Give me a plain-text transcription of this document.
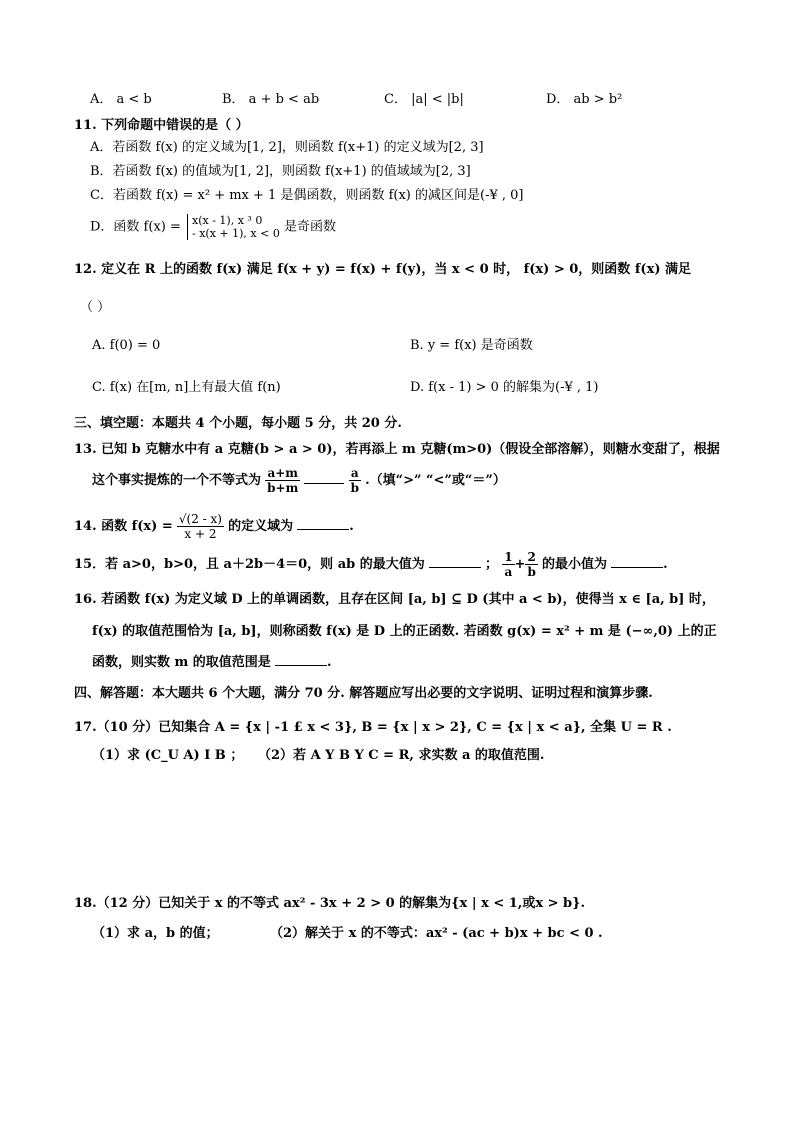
A． a < b	B． a + b < ab	C． |a| < |b|	D． ab > b²
11. 下列命题中错误的是（ ）
A．若函数 f(x) 的定义域为[1, 2]，则函数 f(x+1) 的定义域为[2, 3]
B．若函数 f(x) 的值域为[1, 2]，则函数 f(x+1) 的值域域为[2, 3]
C．若函数 f(x) = x² + mx + 1 是偶函数，则函数 f(x) 的减区间是(-¥ , 0]
D．函数 f(x) = x(x - 1), x ³ 0
- x(x + 1), x < 0 是奇函数
12. 定义在 R 上的函数 f(x) 满足 f(x + y) = f(x) + f(y)，当 x < 0 时， f(x) > 0，则函数 f(x) 满足
（ ）
A. f(0) = 0	B. y = f(x) 是奇函数
C. f(x) 在[m, n]上有最大值 f(n)	D. f(x - 1) > 0 的解集为(-¥ , 1)
三、填空题：本题共 4 个小题，每小题 5 分，共 20 分.
13. 已知 b 克糖水中有 a 克糖(b > a > 0)，若再添上 m 克糖(m>0)（假设全部溶解），则糖水变甜了，根据
这个事实提炼的一个不等式为 $\frac{a+m}{b+m}$
	$\frac{a}{b}$ .（填“>” “<”或“＝”）
14. 函数 $f(x) = \frac{√(2 - x)}{x + 2}$ 的定义域为	.
15．若 a>0，b>0，且 a＋2b－4＝0，则 ab 的最大值为	； $\frac{1}{a} + \frac{2}{b}$ 的最小值为	.
16. 若函数 f(x) 为定义域 D 上的单调函数，且存在区间 [a, b] ⊆ D (其中 a < b)，使得当 x ∈ [a, b] 时，
f(x) 的取值范围恰为 [a, b]，则称函数 f(x) 是 D 上的正函数. 若函数 g(x) = x² + m 是 (−∞,0) 上的正
函数，则实数 m 的取值范围是	.
四、解答题：本大题共 6 个大题，满分 70 分. 解答题应写出必要的文字说明、证明过程和演算步骤.
17.（10 分）已知集合 A = {x | -1 £ x < 3}, B = {x | x > 2}, C = {x | x < a}, 全集 U = R .
（1）求 (C_U A) I B ； （2）若 A Y B Y C = R, 求实数 a 的取值范围.
18.（12 分）已知关于 x 的不等式 ax² - 3x + 2 > 0 的解集为{x | x < 1,或x > b}.
（1）求 a，b 的值；	（2）解关于 x 的不等式：ax² - (ac + b)x + bc < 0 .
